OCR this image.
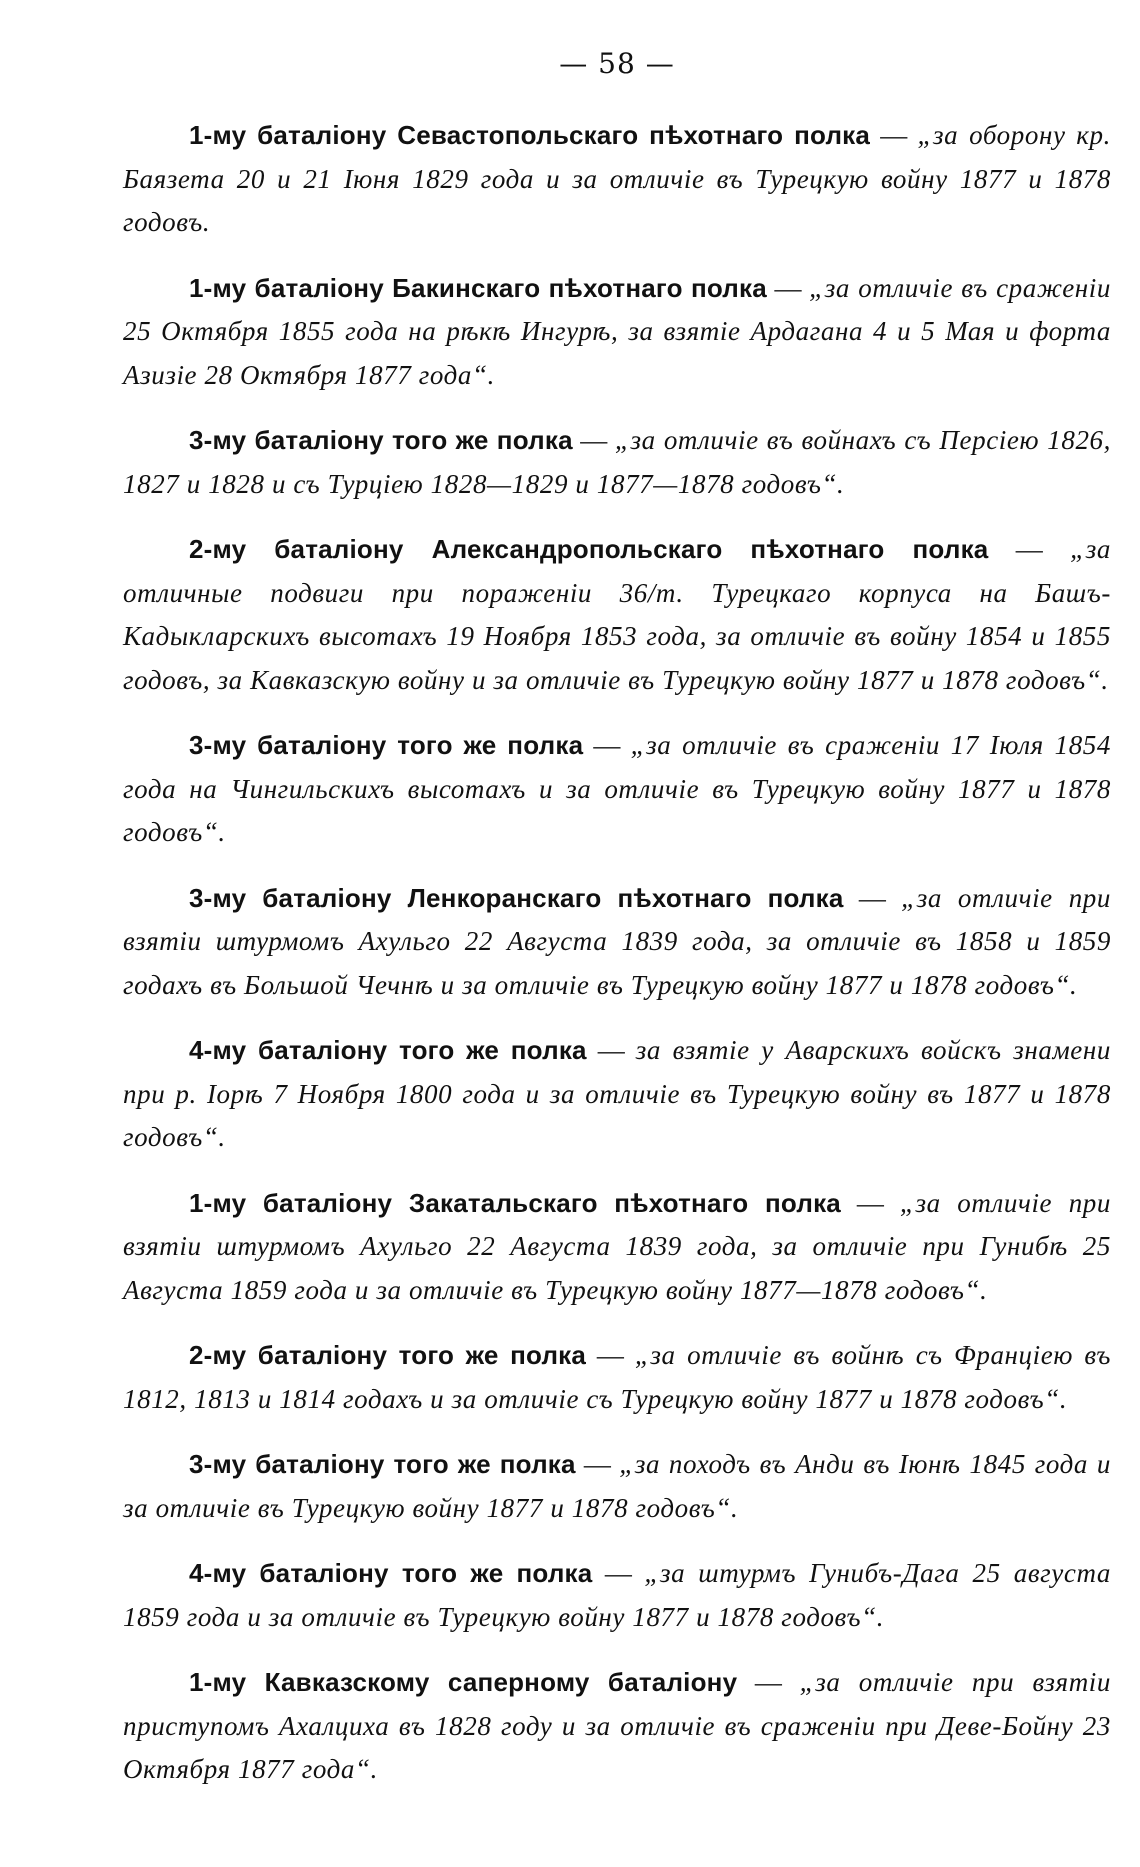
— 58 —

1-му баталіону Севастопольскаго пѣхотнаго полка — „за оборону кр. Баязета 20 и 21 Іюня 1829 года и за отличіе въ Турецкую войну 1877 и 1878 годовъ.

1-му баталіону Бакинскаго пѣхотнаго полка — „за отличіе въ сраженіи 25 Октября 1855 года на рѣкѣ Ингурѣ, за взятіе Ардагана 4 и 5 Мая и форта Азизіе 28 Октября 1877 года“.

3-му баталіону того же полка — „за отличіе въ войнахъ съ Персіею 1826, 1827 и 1828 и съ Турціею 1828—1829 и 1877—1878 годовъ“.

2-му баталіону Александропольскаго пѣхотнаго полка — „за отличные подвиги при пораженіи 36/т. Турецкаго корпуса на Башъ-Кадыкларскихъ высотахъ 19 Ноября 1853 года, за отличіе въ войну 1854 и 1855 годовъ, за Кавказскую войну и за отличіе въ Турецкую войну 1877 и 1878 годовъ“.

3-му баталіону того же полка — „за отличіе въ сраженіи 17 Іюля 1854 года на Чингильскихъ высотахъ и за отличіе въ Турецкую войну 1877 и 1878 годовъ“.

3-му баталіону Ленкоранскаго пѣхотнаго полка — „за отличіе при взятіи штурмомъ Ахульго 22 Августа 1839 года, за отличіе въ 1858 и 1859 годахъ въ Большой Чечнѣ и за отличіе въ Турецкую войну 1877 и 1878 годовъ“.

4-му баталіону того же полка — за взятіе у Аварскихъ войскъ знамени при р. Іорѣ 7 Ноября 1800 года и за отличіе въ Турецкую войну въ 1877 и 1878 годовъ“.

1-му баталіону Закатальскаго пѣхотнаго полка — „за отличіе при взятіи штурмомъ Ахульго 22 Августа 1839 года, за отличіе при Гунибѣ 25 Августа 1859 года и за отличіе въ Турецкую войну 1877—1878 годовъ“.

2-му баталіону того же полка — „за отличіе въ войнѣ съ Франціею въ 1812, 1813 и 1814 годахъ и за отличіе съ Турецкую войну 1877 и 1878 годовъ“.

3-му баталіону того же полка — „за походъ въ Анди въ Іюнѣ 1845 года и за отличіе въ Турецкую войну 1877 и 1878 годовъ“.

4-му баталіону того же полка — „за штурмъ Гунибъ-Дага 25 августа 1859 года и за отличіе въ Турецкую войну 1877 и 1878 годовъ“.

1-му Кавказскому саперному баталіону — „за отличіе при взятіи приступомъ Ахалциха въ 1828 году и за отличіе въ сраженіи при Деве-Бойну 23 Октября 1877 года“.
